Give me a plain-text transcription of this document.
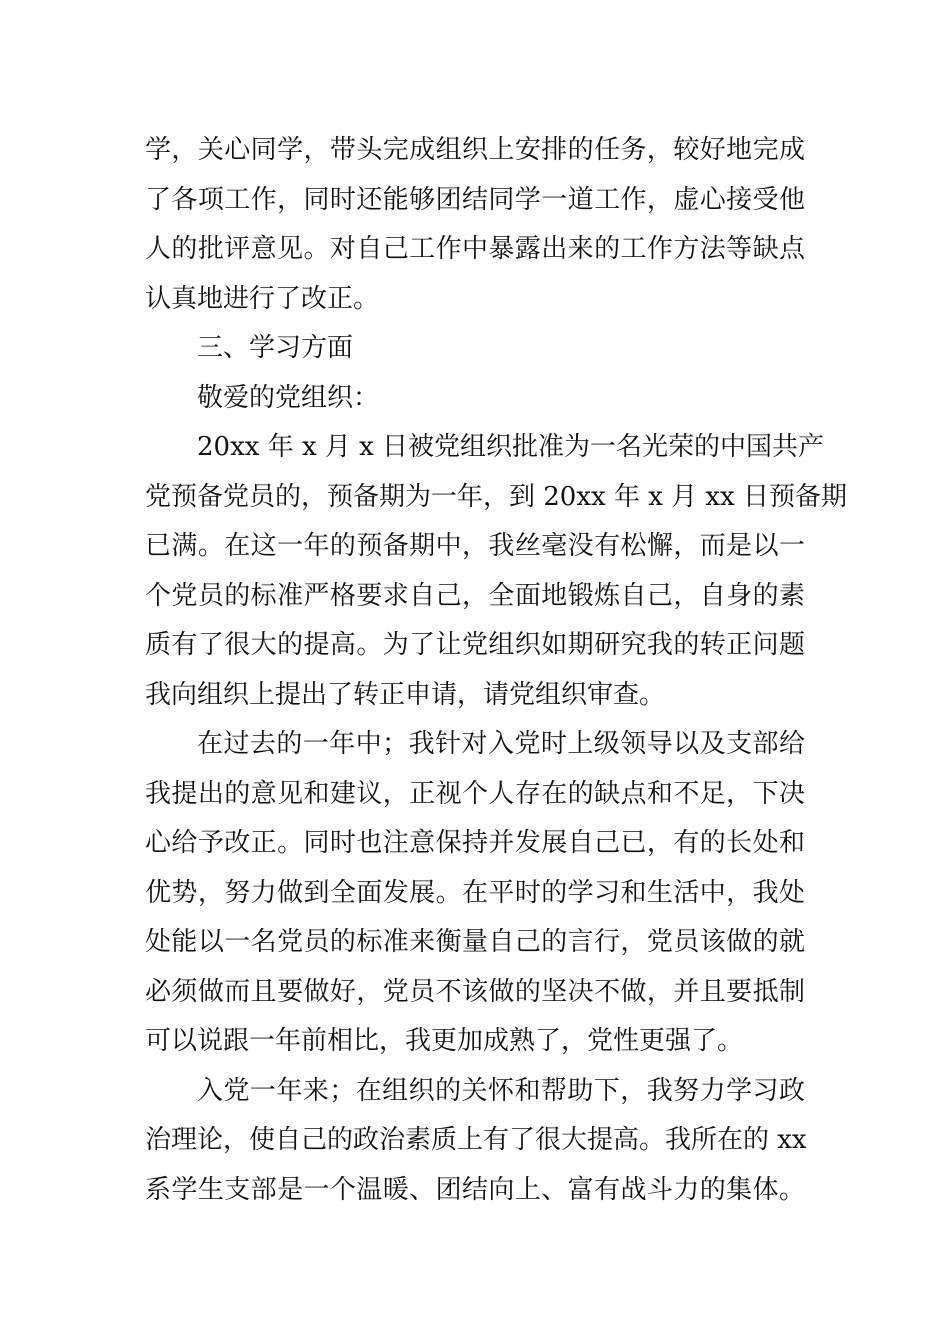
学，关心同学，带头完成组织上安排的任务，较好地完成
了各项工作，同时还能够团结同学一道工作，虚心接受他
人的批评意见。对自己工作中暴露出来的工作方法等缺点
认真地进行了改正。
三、学习方面
敬爱的党组织：
20xx 年 x 月 x 日被党组织批准为一名光荣的中国共产
党预备党员的，预备期为一年，到 20xx 年 x 月 xx 日预备期
已满。在这一年的预备期中，我丝毫没有松懈，而是以一
个党员的标准严格要求自己，全面地锻炼自己，自身的素
质有了很大的提高。为了让党组织如期研究我的转正问题
我向组织上提出了转正申请，请党组织审查。
在过去的一年中；我针对入党时上级领导以及支部给
我提出的意见和建议，正视个人存在的缺点和不足，下决
心给予改正。同时也注意保持并发展自己已，有的长处和
优势，努力做到全面发展。在平时的学习和生活中，我处
处能以一名党员的标准来衡量自己的言行，党员该做的就
必须做而且要做好，党员不该做的坚决不做，并且要抵制
可以说跟一年前相比，我更加成熟了，党性更强了。
入党一年来；在组织的关怀和帮助下，我努力学习政
治理论，使自己的政治素质上有了很大提高。我所在的 xx
系学生支部是一个温暖、团结向上、富有战斗力的集体。
